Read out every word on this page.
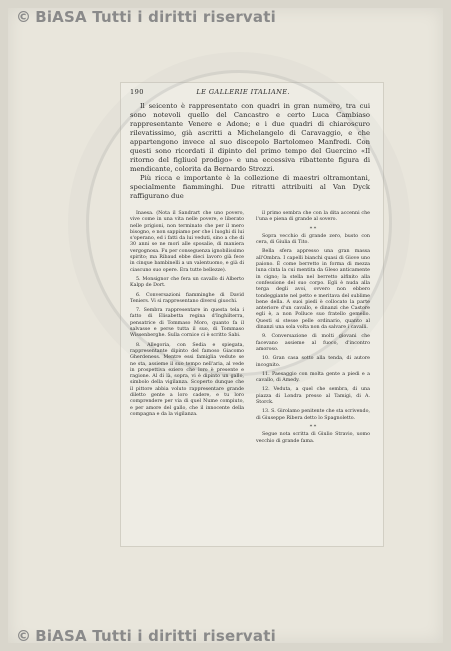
© BiASA Tutti i diritti riservati
190	LE GALLERIE ITALIANE.

Il seicento è rappresentato con quadri in gran numero, tra cui sono notevoli quello del Cancastro e certo Luca Cambiaso rappresentante Venere e Adone; e i due quadri di chiaroscuro rilevatissimo, già ascritti a Michelangelo di Caravaggio, e che appartengono invece al suo discepolo Bartolomeo Manfredi. Con questi sono ricordati il dipinto del primo tempo del Guercino «Il ritorno del figliuol prodigo» e una eccessiva ribattente figura di mendicante, colorita da Bernardo Strozzi.

Più ricca e importante è la collezione di maestri oltramontani, specialmente fiamminghi. Due ritratti attribuiti al Van Dyck raffigurano due

Inaesa. (Nota il Sandrart che uno povero, vive come in una vita nelle povere, e liberato nelle prigioni, non terminato che per il mero bisogno, e non sappiamo per che i luoghi di lui s'operano, ed i fatti da lui veduti, sino a che di 30 anni se ne morì alle sposalie, di maniera vergognosa. Fu per conseguenza ignobilissimo spirito; ma Ribaud ebbe dieci lavoro già fece in cinque bambinelli a un valentuomo, e già di ciascuno suo opere. Era tutte bellezze).

5. Monsignor che fera un cavallo di Alberto Kalpp de Dort.

6. Conversazioni fiamminghe di David Teniers. Vi si rappresentano diversi giuochi.

7. Sembra rappresentare in questa tela i fatto di Elisabetta regina d'Inghilterra, pensatrice di Tommaso Moro, quanto fa il salvasse e perse tutta il suo, di Tommaso Wissenberghe. Sulla cornice ci è scritto Sabi.

8. Allegoria, con Sedia e spiegata, rappresentante dipinto del famoso Giacomo Gherdeness. Mentre essi famiglia vedute se ne sta, assieme il suo tempo nell'aria, al vede in prospettiva eziero che loro è presente e ragione. Al di là, sopra, vi è dipinto un gallo, simbolo della vigilanza. Scoperto dunque che il pittore abbia voluto rappresentare grande diletto gente a loro cadere, e tu loro comprendere per via di quel Nume compiuto, e per amore del gallo, che il innocente della compagna e da la vigilanza.

il primo sembra che con la dita accenni che l'una e piena di grande al sovero.

* *

Sopra vecchio di grande zero, busto con cera, di Giulia di Tito.

Bella sfera appresso una gran massa all'Ombra. I capelli bianchi quasi di Giove uno paiono. È come berretto in forma di mezza luna cinta la cui mentita da Gleso anticamente in cigno; la stella nel berretto alfinito alla confessione del suo corpo. Egli è nuda alla terga degli avoi, ovvero non ebbero tondeggiante nel petto e meritava del sublime bene della. A suoi piedi è collocato la parte anteriore d'un cavallo, e dinanzi che Castore egli è, a non Polluce suo fratello gemello. Questi si stesse pelle ordinario, quanto al dinanzi una sola volta non da salvare i cavalli.

9. Conversazione di molti giovani che facevano assieme al fuoco, d'incontro amoroso.

10. Gran casa sotto alla tenda, di autore incognito.

11. Paesaggio con molta gente a piedi e a cavallo, di Amedy.

12. Veduta, a quel che sembra, di una piazza di Londra presso al Tamigi, di A. Storck.

13. S. Girolamo penitente che sta scrivendo, di Giuseppe Ribera detto lo Spagnoletto.

* *

Segue nota scritta di Giulio Stravio, uomo vecchio di grande fama.

© BiASA Tutti i diritti riservati
